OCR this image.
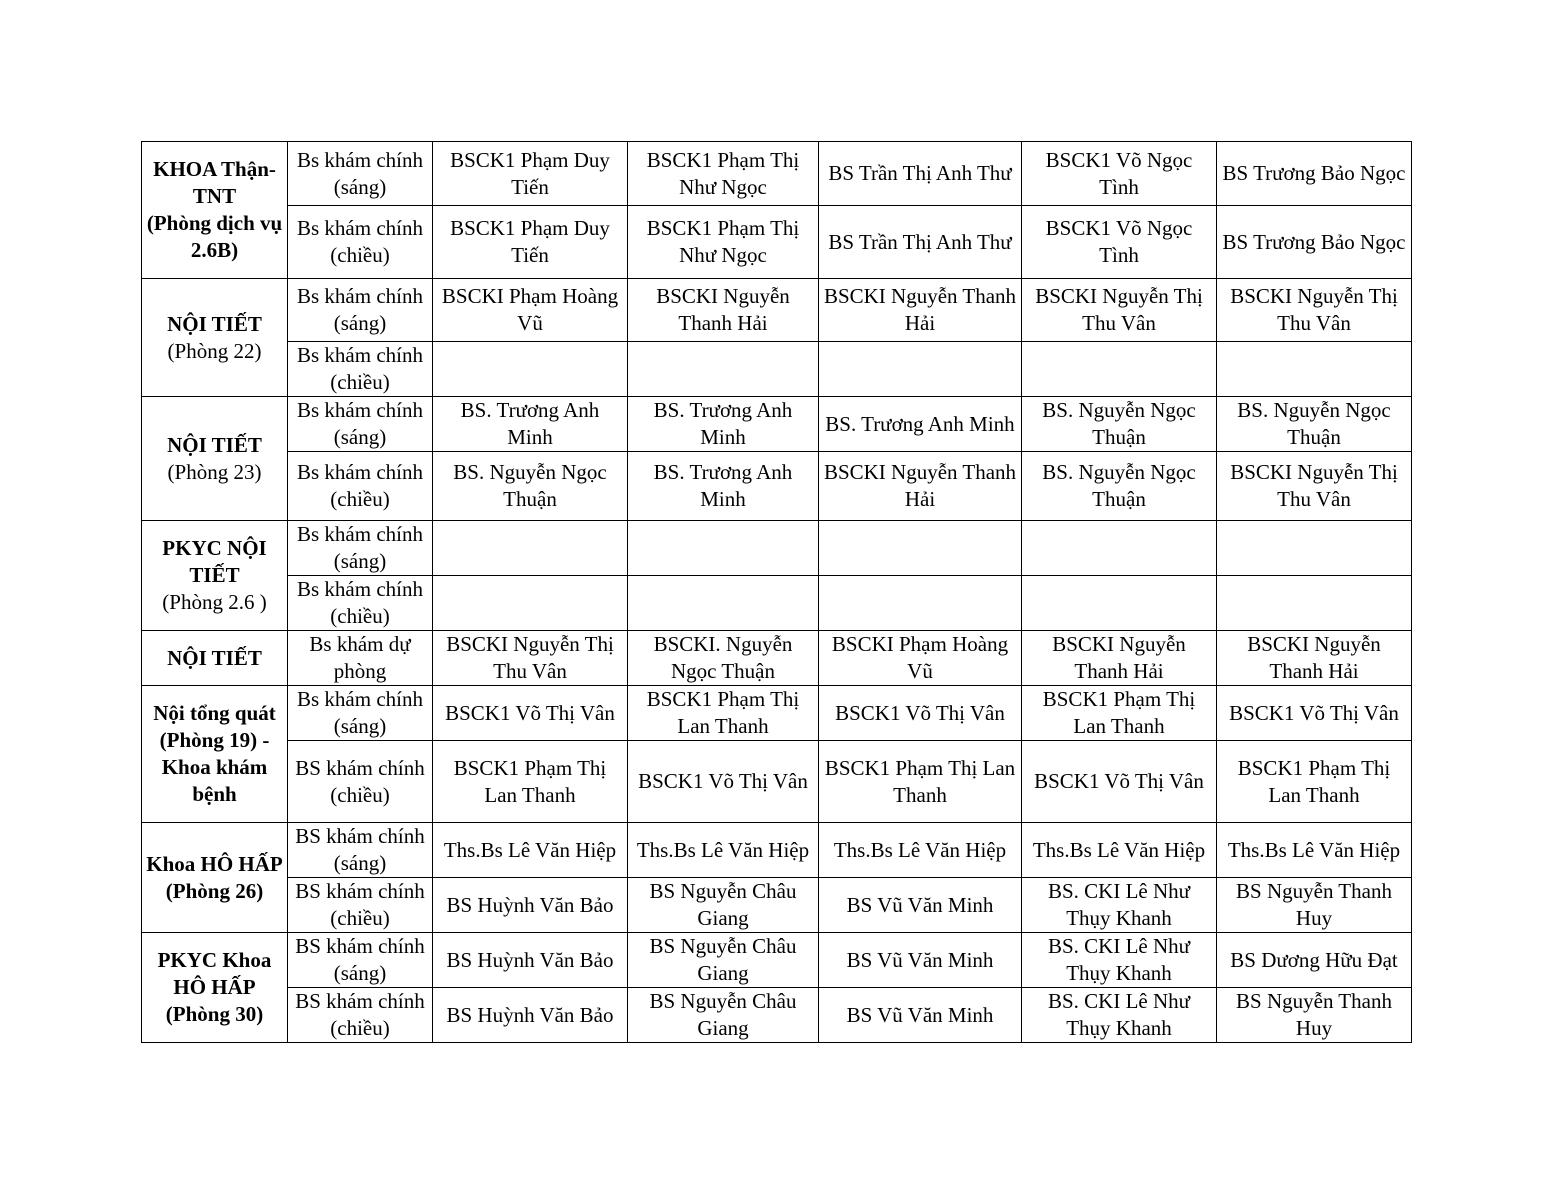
KHOA Thận-TNT
(Phòng dịch vụ 2.6B)	Bs khám chính (sáng)	BSCK1 Phạm Duy Tiến	BSCK1 Phạm Thị Như Ngọc	BS Trần Thị Anh Thư	BSCK1 Võ Ngọc Tình	BS Trương Bảo Ngọc
	Bs khám chính (chiều)	BSCK1 Phạm Duy Tiến	BSCK1 Phạm Thị Như Ngọc	BS Trần Thị Anh Thư	BSCK1 Võ Ngọc Tình	BS Trương Bảo Ngọc

NỘI TIẾT
(Phòng 22)	Bs khám chính (sáng)	BSCKI Phạm Hoàng Vũ	BSCKI Nguyễn Thanh Hải	BSCKI Nguyễn Thanh Hải	BSCKI Nguyễn Thị Thu Vân	BSCKI Nguyễn Thị Thu Vân
	Bs khám chính (chiều)					

NỘI TIẾT
(Phòng 23)	Bs khám chính (sáng)	BS. Trương Anh Minh	BS. Trương Anh Minh	BS. Trương Anh Minh	BS. Nguyễn Ngọc Thuận	BS. Nguyễn Ngọc Thuận
	Bs khám chính (chiều)	BS. Nguyễn Ngọc Thuận	BS. Trương Anh Minh	BSCKI Nguyễn Thanh Hải	BS. Nguyễn Ngọc Thuận	BSCKI Nguyễn Thị Thu Vân

PKYC NỘI TIẾT
(Phòng 2.6 )	Bs khám chính (sáng)					
	Bs khám chính (chiều)					

NỘI TIẾT	Bs khám dự phòng	BSCKI Nguyễn Thị Thu Vân	BSCKI. Nguyễn Ngọc Thuận	BSCKI Phạm Hoàng Vũ	BSCKI Nguyễn Thanh Hải	BSCKI Nguyễn Thanh Hải

Nội tổng quát (Phòng 19) - Khoa khám bệnh	Bs khám chính (sáng)	BSCK1 Võ Thị Vân	BSCK1 Phạm Thị Lan Thanh	BSCK1 Võ Thị Vân	BSCK1 Phạm Thị Lan Thanh	BSCK1 Võ Thị Vân
	BS khám chính (chiều)	BSCK1 Phạm Thị Lan Thanh	BSCK1 Võ Thị Vân	BSCK1 Phạm Thị Lan Thanh	BSCK1 Võ Thị Vân	BSCK1 Phạm Thị Lan Thanh

Khoa HÔ HẤP
(Phòng 26)	BS khám chính (sáng)	Ths.Bs Lê Văn Hiệp	Ths.Bs Lê Văn Hiệp	Ths.Bs Lê Văn Hiệp	Ths.Bs Lê Văn Hiệp	Ths.Bs Lê Văn Hiệp
	BS khám chính (chiều)	BS Huỳnh Văn Bảo	BS Nguyễn Châu Giang	BS Vũ Văn Minh	BS. CKI Lê Như Thụy Khanh	BS Nguyễn Thanh Huy

PKYC Khoa HÔ HẤP
(Phòng 30)	BS khám chính (sáng)	BS Huỳnh Văn Bảo	BS Nguyễn Châu Giang	BS Vũ Văn Minh	BS. CKI Lê Như Thụy Khanh	BS Dương Hữu Đạt
	BS khám chính (chiều)	BS Huỳnh Văn Bảo	BS Nguyễn Châu Giang	BS Vũ Văn Minh	BS. CKI Lê Như Thụy Khanh	BS Nguyễn Thanh Huy
